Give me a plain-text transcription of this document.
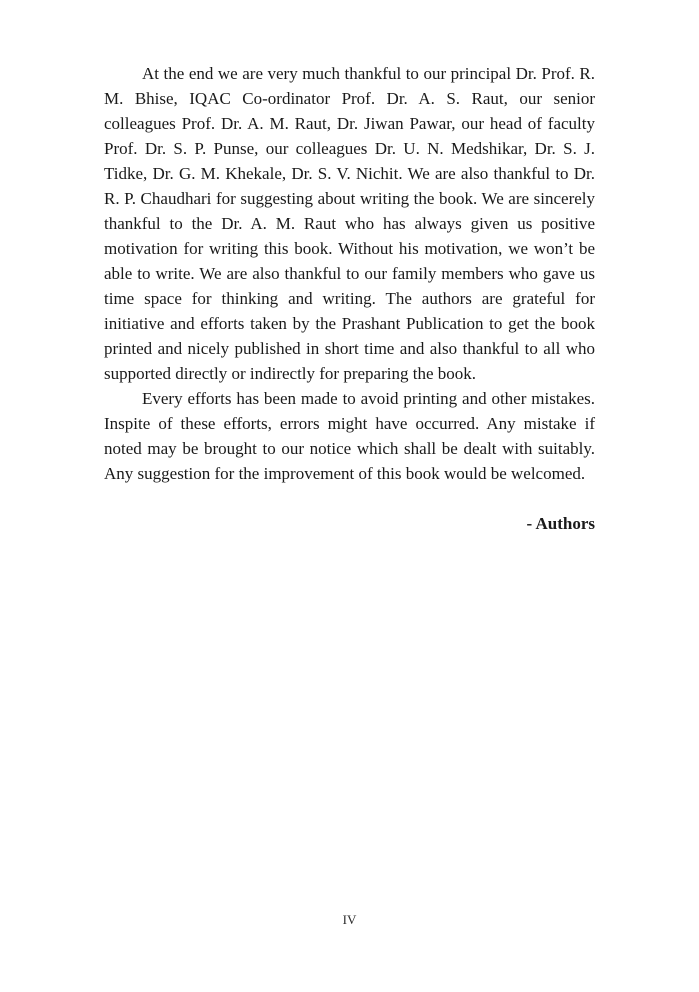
At the end we are very much thankful to our principal Dr. Prof. R. M. Bhise, IQAC Co-ordinator Prof. Dr. A. S. Raut, our senior colleagues Prof. Dr. A. M. Raut, Dr. Jiwan Pawar, our head of faculty Prof. Dr. S. P. Punse, our colleagues Dr. U. N. Medshikar, Dr. S. J. Tidke, Dr. G. M. Khekale, Dr. S. V. Nichit. We are also thankful to Dr. R. P. Chaudhari for suggesting about writing the book. We are sincerely thankful to the Dr. A. M. Raut who has always given us positive motivation for writing this book. Without his motivation, we won’t be able to write. We are also thankful to our family members who gave us time space for thinking and writing. The authors are grateful for initiative and efforts taken by the Prashant Publication to get the book printed and nicely published in short time and also thankful to all who supported directly or indirectly for preparing the book.

Every efforts has been made to avoid printing and other mistakes. Inspite of these efforts, errors might have occurred. Any mistake if noted may be brought to our notice which shall be dealt with suitably. Any suggestion for the improvement of this book would be welcomed.

- Authors

IV
